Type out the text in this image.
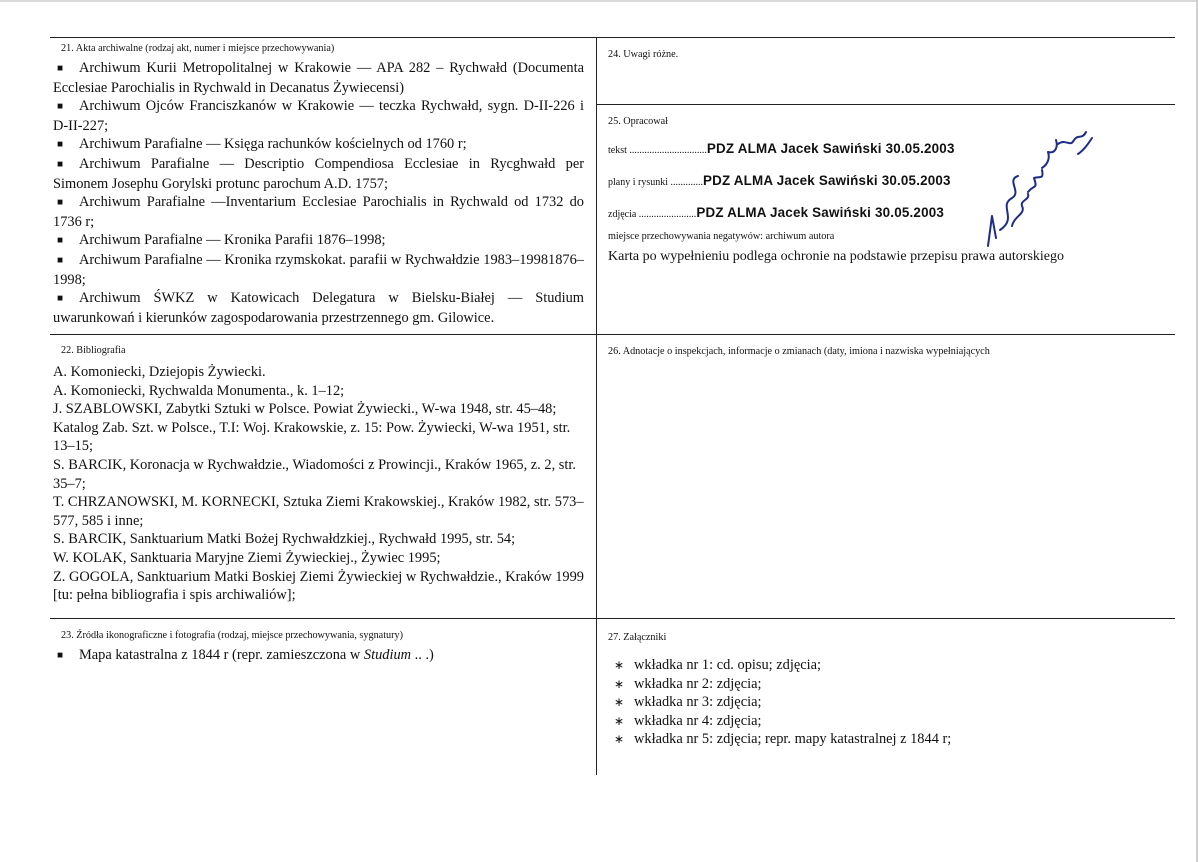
21. Akta archiwalne (rodzaj akt, numer i miejsce przechowywania)
■ Archiwum Kurii Metropolitalnej w Krakowie — APA 282 – Rychwałd (Documenta Ecclesiae Parochialis in Rychwald in Decanatus Żywiecensi)
■ Archiwum Ojców Franciszkanów w Krakowie — teczka Rychwałd, sygn. D-II-226 i D-II-227;
■ Archiwum Parafialne — Księga rachunków kościelnych od 1760 r;
■ Archiwum Parafialne — Descriptio Compendiosa Ecclesiae in Rycghwałd per Simonem Josephu Gorylski protunc parochum A.D. 1757;
■ Archiwum Parafialne —Inventarium Ecclesiae Parochialis in Rychwald od 1732 do 1736 r;
■ Archiwum Parafialne — Kronika Parafii 1876–1998;
■ Archiwum Parafialne — Kronika rzymskokat. parafii w Rychwałdzie 1983–19981876–1998;
■ Archiwum ŚWKZ w Katowicach Delegatura w Bielsku-Białej — Studium uwarunkowań i kierunków zagospodarowania przestrzennego gm. Gilowice.
24. Uwagi różne.
25. Opracował
tekst ............................... PDZ ALMA Jacek Sawiński 30.05.2003
plany i rysunki ............. PDZ ALMA Jacek Sawiński 30.05.2003
zdjęcia ....................... PDZ ALMA Jacek Sawiński 30.05.2003
miejsce przechowywania negatywów: archiwum autora
Karta po wypełnieniu podlega ochronie na podstawie przepisu prawa autorskiego
22. Bibliografia
A. Komoniecki, Dziejopis Żywiecki.
A. Komoniecki, Rychwalda Monumenta., k. 1–12;
J. SZABLOWSKI, Zabytki Sztuki w Polsce. Powiat Żywiecki., W-wa 1948, str. 45–48;
Katalog Zab. Szt. w Polsce., T.I: Woj. Krakowskie, z. 15: Pow. Żywiecki, W-wa 1951, str. 13–15;
S. BARCIK, Koronacja w Rychwałdzie., Wiadomości z Prowincji., Kraków 1965, z. 2, str. 35–7;
T. CHRZANOWSKI, M. KORNECKI, Sztuka Ziemi Krakowskiej., Kraków 1982, str. 573–577, 585 i inne;
S. BARCIK, Sanktuarium Matki Bożej Rychwałdzkiej., Rychwałd 1995, str. 54;
W. KOLAK, Sanktuaria Maryjne Ziemi Żywieckiej., Żywiec 1995;
Z. GOGOLA, Sanktuarium Matki Boskiej Ziemi Żywieckiej w Rychwałdzie., Kraków 1999 [tu: pełna bibliografia i spis archiwaliów];
26. Adnotacje o inspekcjach, informacje o zmianach (daty, imiona i nazwiska wypełniających
23. Źródła ikonograficzne i fotografia (rodzaj, miejsce przechowywania, sygnatury)
■ Mapa katastralna z 1844 r (repr. zamieszczona w Studium .. .)
27. Załączniki
∗ wkładka nr 1: cd. opisu; zdjęcia;
∗ wkładka nr 2: zdjęcia;
∗ wkładka nr 3: zdjęcia;
∗ wkładka nr 4: zdjęcia;
∗ wkładka nr 5: zdjęcia; repr. mapy katastralnej z 1844 r;
